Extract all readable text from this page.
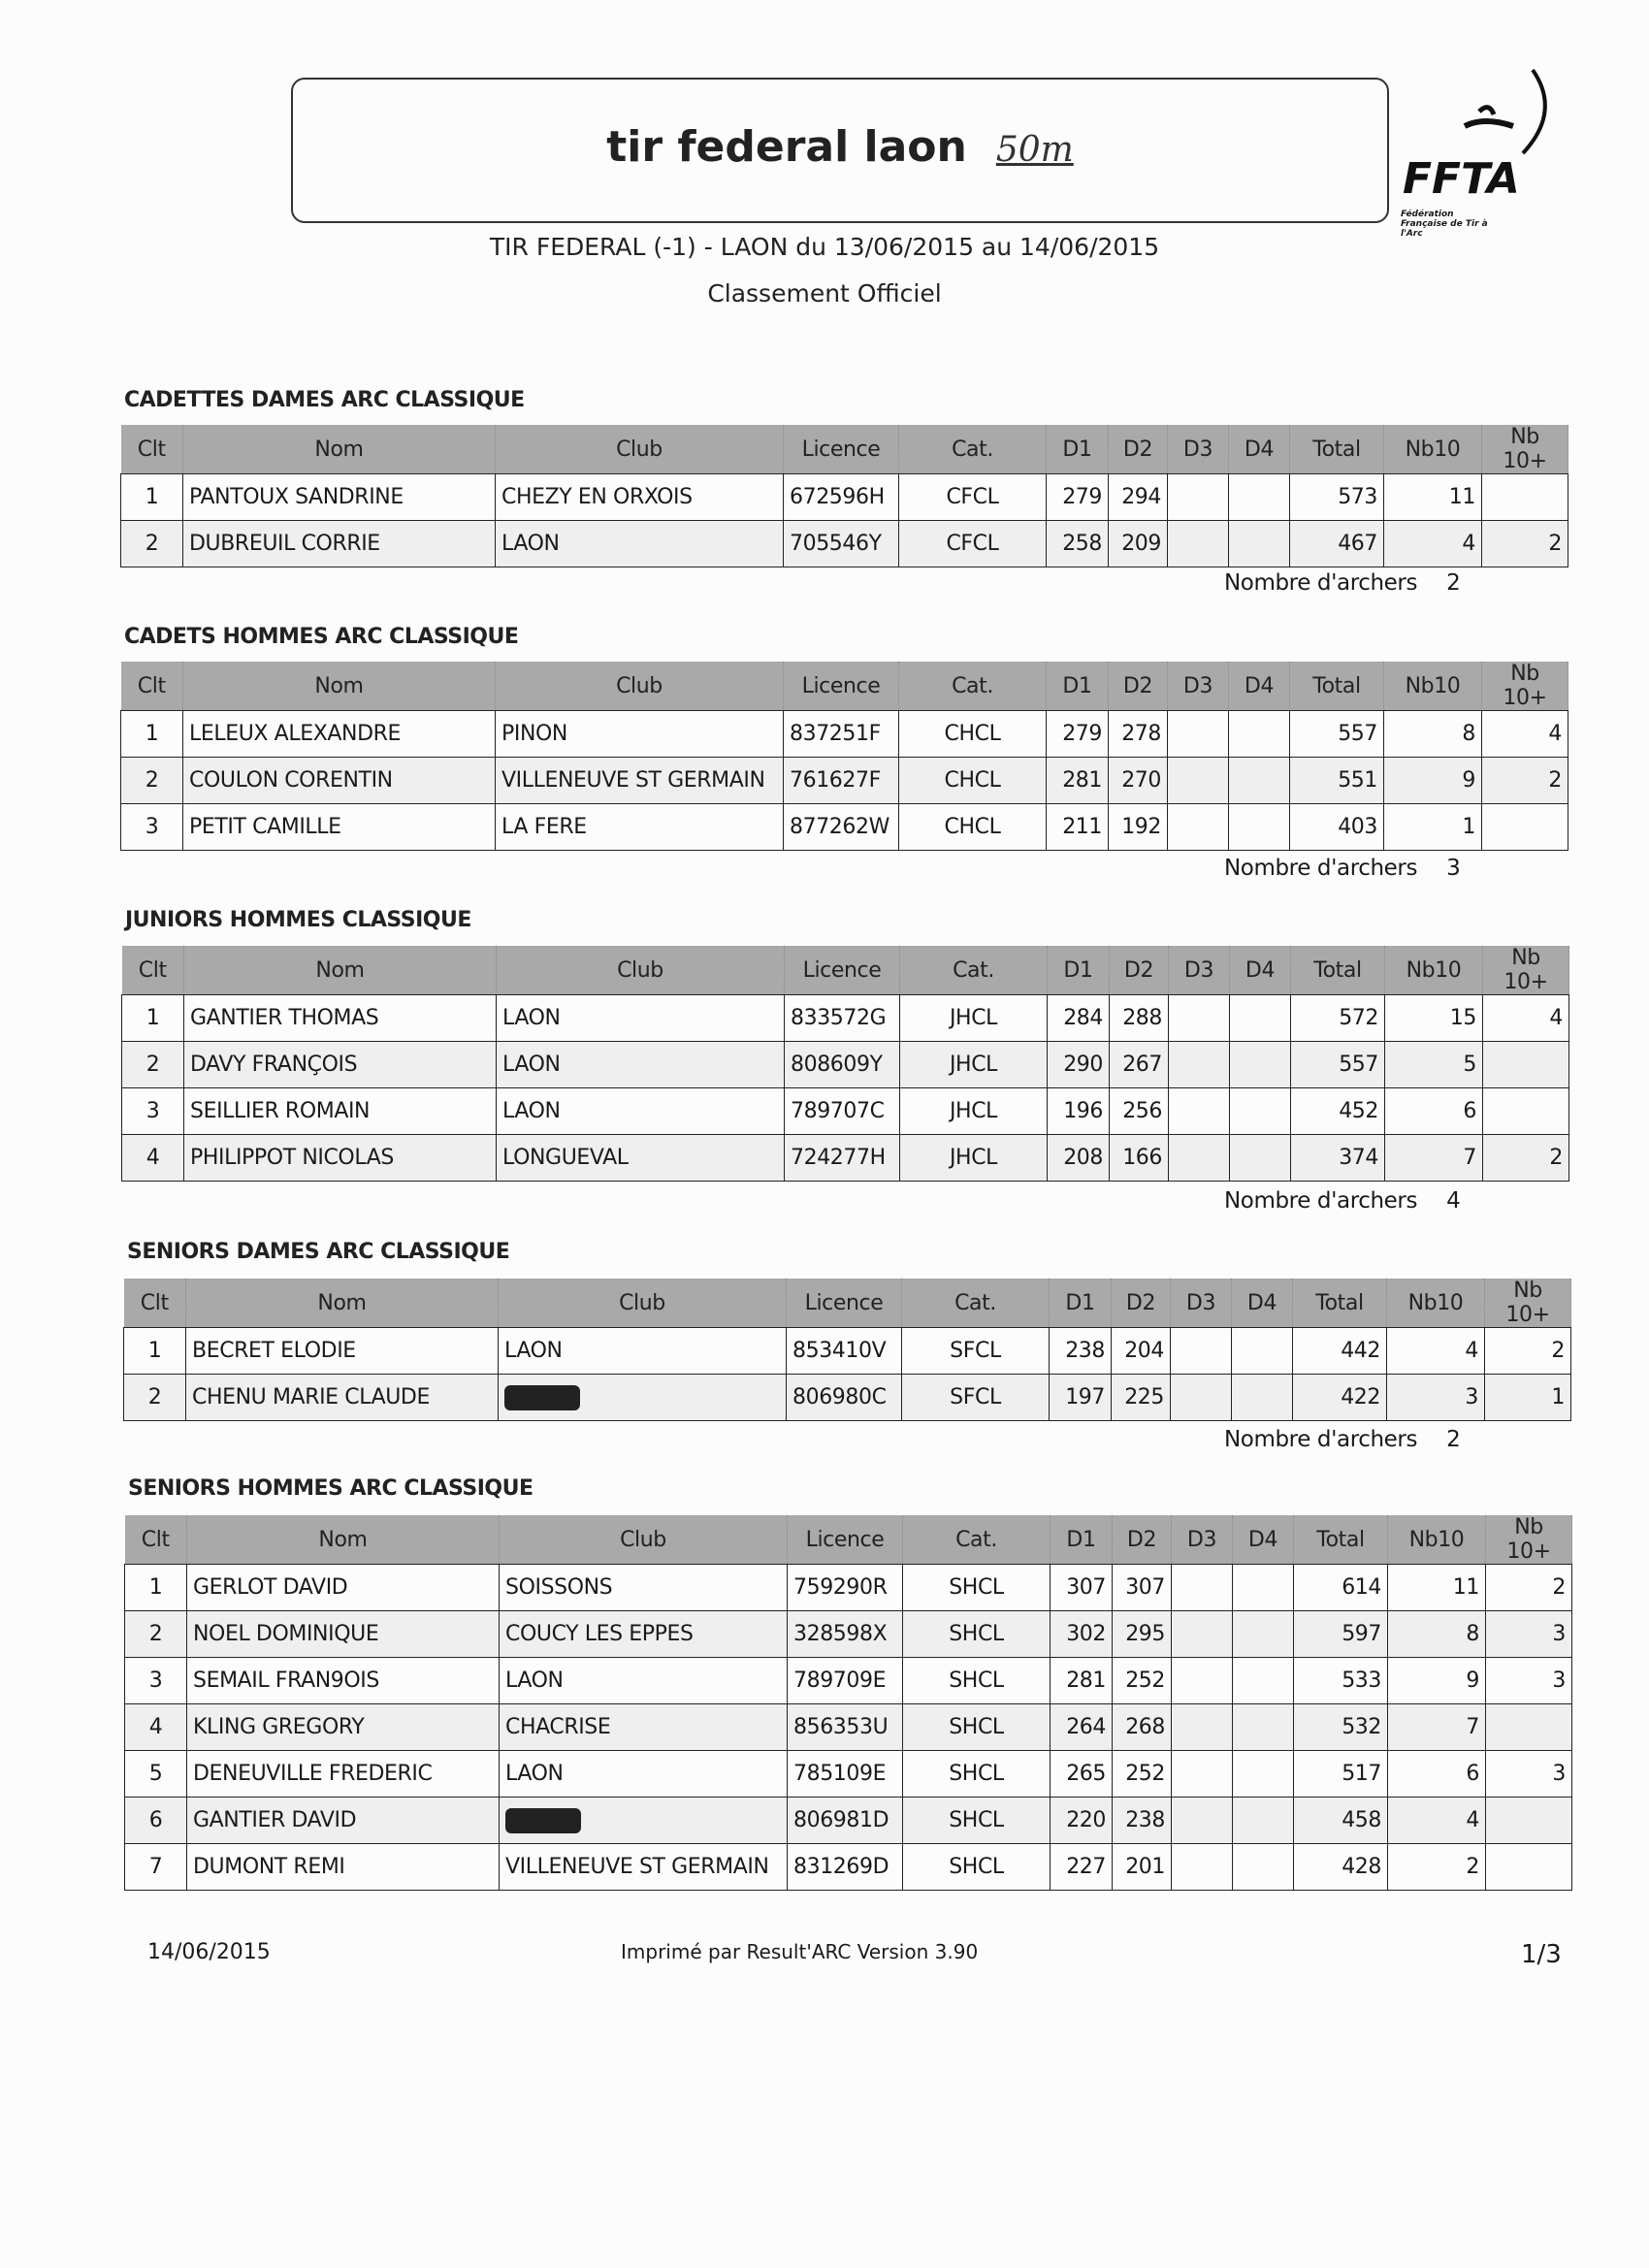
tir federal laon 50m
FFTA
Fédération Française de Tir à l'Arc
TIR FEDERAL (-1) - LAON du 13/06/2015 au 14/06/2015
Classement Officiel
CADETTES DAMES ARC CLASSIQUE
Clt	Nom	Club	Licence	Cat.	D1	D2	D3	D4	Total	Nb10	Nb 10+
1	PANTOUX SANDRINE	CHEZY EN ORXOIS	672596H	CFCL	279	294			573	11	
2	DUBREUIL CORRIE	LAON	705546Y	CFCL	258	209			467	4	2
Nombre d'archers 2
CADETS HOMMES ARC CLASSIQUE
Clt	Nom	Club	Licence	Cat.	D1	D2	D3	D4	Total	Nb10	Nb 10+
1	LELEUX ALEXANDRE	PINON	837251F	CHCL	279	278			557	8	4
2	COULON CORENTIN	VILLENEUVE ST GERMAIN	761627F	CHCL	281	270			551	9	2
3	PETIT CAMILLE	LA FERE	877262W	CHCL	211	192			403	1	
Nombre d'archers 3
JUNIORS HOMMES CLASSIQUE
Clt	Nom	Club	Licence	Cat.	D1	D2	D3	D4	Total	Nb10	Nb 10+
1	GANTIER THOMAS	LAON	833572G	JHCL	284	288			572	15	4
2	DAVY FRANÇOIS	LAON	808609Y	JHCL	290	267			557	5	
3	SEILLIER ROMAIN	LAON	789707C	JHCL	196	256			452	6	
4	PHILIPPOT NICOLAS	LONGUEVAL	724277H	JHCL	208	166			374	7	2
Nombre d'archers 4
SENIORS DAMES ARC CLASSIQUE
Clt	Nom	Club	Licence	Cat.	D1	D2	D3	D4	Total	Nb10	Nb 10+
1	BECRET ELODIE	LAON	853410V	SFCL	238	204			442	4	2
2	CHENU MARIE CLAUDE		806980C	SFCL	197	225			422	3	1
Nombre d'archers 2
SENIORS HOMMES ARC CLASSIQUE
Clt	Nom	Club	Licence	Cat.	D1	D2	D3	D4	Total	Nb10	Nb 10+
1	GERLOT DAVID	SOISSONS	759290R	SHCL	307	307			614	11	2
2	NOEL DOMINIQUE	COUCY LES EPPES	328598X	SHCL	302	295			597	8	3
3	SEMAIL FRAN9OIS	LAON	789709E	SHCL	281	252			533	9	3
4	KLING GREGORY	CHACRISE	856353U	SHCL	264	268			532	7	
5	DENEUVILLE FREDERIC	LAON	785109E	SHCL	265	252			517	6	3
6	GANTIER DAVID		806981D	SHCL	220	238			458	4	
7	DUMONT REMI	VILLENEUVE ST GERMAIN	831269D	SHCL	227	201			428	2	
14/06/2015	Imprimé par Result'ARC Version 3.90	1/3
